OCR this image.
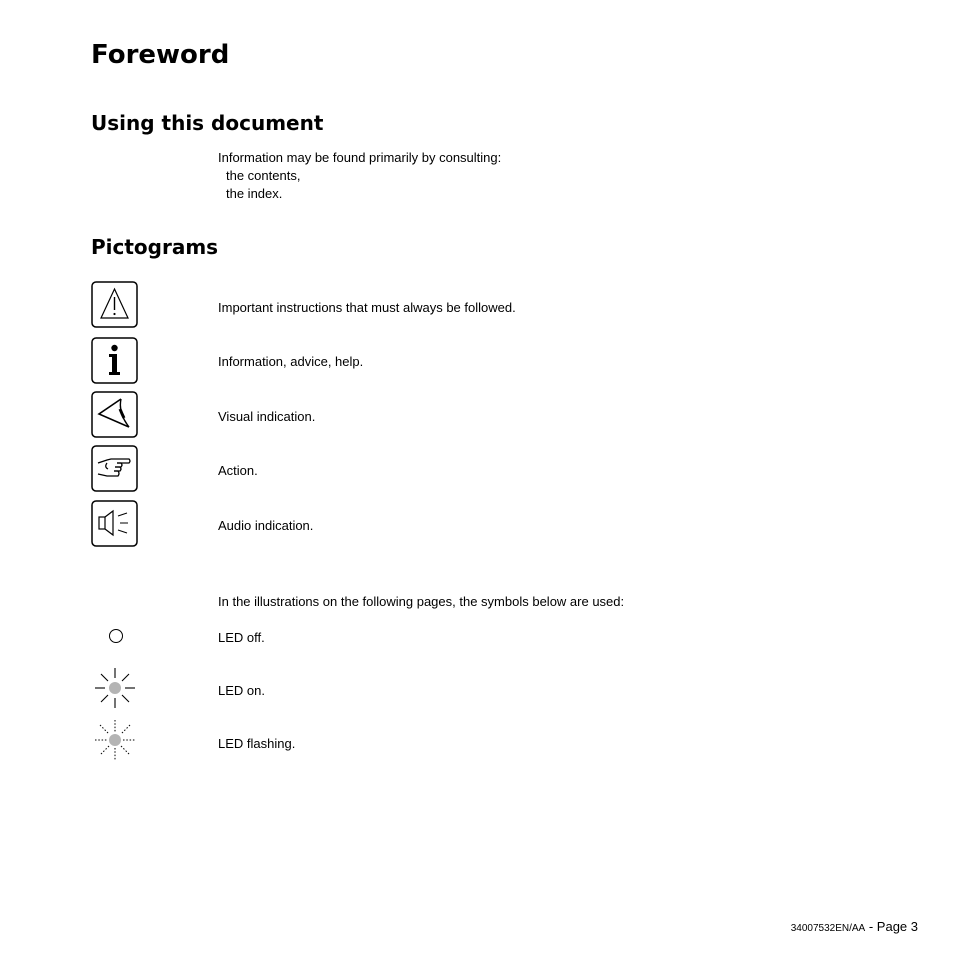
Foreword
Using this document
Information may be found primarily by consulting:
the contents,
the index.
Pictograms
Important instructions that must always be followed.
Information, advice, help.
Visual indication.
Action.
Audio indication.
In the illustrations on the following pages, the symbols below are used:
LED off.
LED on.
LED flashing.
34007532EN/AA - Page 3
